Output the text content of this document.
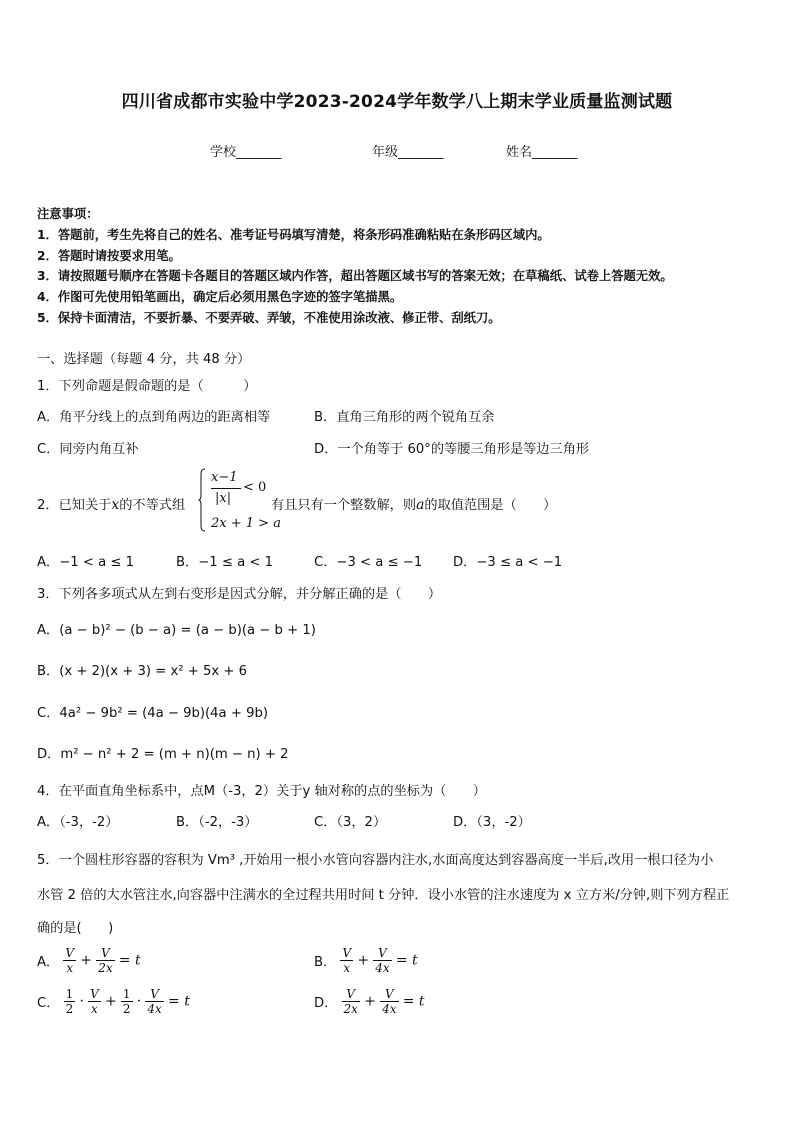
四川省成都市实验中学2023-2024学年数学八上期末学业质量监测试题
学校_______	年级_______	姓名_______
注意事项：
1．答题前，考生先将自己的姓名、准考证号码填写清楚，将条形码准确粘贴在条形码区域内。
2．答题时请按要求用笔。
3．请按照题号顺序在答题卡各题目的答题区域内作答，超出答题区域书写的答案无效；在草稿纸、试卷上答题无效。
4．作图可先使用铅笔画出，确定后必须用黑色字迹的签字笔描黑。
5．保持卡面清洁，不要折暴、不要弄破、弄皱，不准使用涂改液、修正带、刮纸刀。
一、选择题（每题 4 分，共 48 分）
1．下列命题是假命题的是（　　　）
A．角平分线上的点到角两边的距离相等	B．直角三角形的两个锐角互余
C．同旁内角互补	D．一个角等于 60°的等腰三角形是等边三角形
2．已知关于x的不等式组
x−1
|x|
< 0
2x + 1 > a
有且只有一个整数解，则a的取值范围是（　　）
A．−1 < a ≤ 1	B．−1 ≤ a < 1	C．−3 < a ≤ −1 D．−3 ≤ a < −1
3．下列各多项式从左到右变形是因式分解，并分解正确的是（　　）
A．(a − b)² − (b − a) = (a − b)(a − b + 1)
B．(x + 2)(x + 3) = x² + 5x + 6
C．4a² − 9b² = (4a − 9b)(4a + 9b)
D．m² − n² + 2 = (m + n)(m − n) + 2
4．在平面直角坐标系中，点M（-3，2）关于y 轴对称的点的坐标为（　　）
A．（-3，-2）	B．（-2，-3）	C．（3，2）	D．（3，-2）
5．一个圆柱形容器的容积为 Vm³ ,开始用一根小水管向容器内注水,水面高度达到容器高度一半后,改用一根口径为小
水管 2 倍的大水管注水,向容器中注满水的全过程共用时间 t 分钟．设小水管的注水速度为 x 立方米/分钟,则下列方程正
确的是(　　)
A． $\frac{V}{x} + \frac{V}{2x} = t$	B． $\frac{V}{x} + \frac{V}{4x} = t$
C． $\frac{1}{2} \cdot \frac{V}{x} + \frac{1}{2} \cdot \frac{V}{4x} = t$	D． $\frac{V}{2x} + \frac{V}{4x} = t$
